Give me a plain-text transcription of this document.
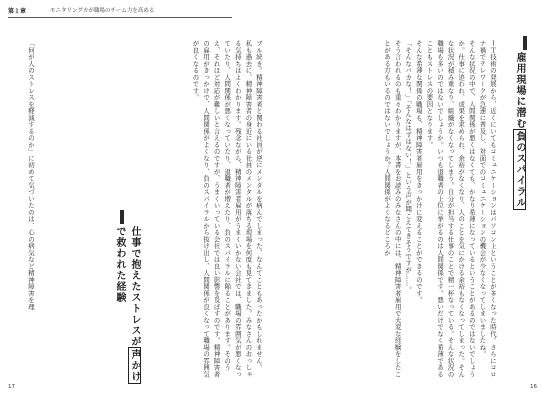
第１章	モニタリングカが職場のチーム力を高める
雇用現場に潜む負のスパイラル

ＩＴ技術の発展から、近くにいてもコミュニケーションはパソコン上ということが多くなった時代。さらにコロナ禍でテレワークが急速に普及し、対面でのコミュニケーションの機会が少なくなってしまいましたね。

そんな状況の中で、人間関係が悪くはなくても、かなり希薄になっているということがあるのではないでしょうか。仕事に追われ、成果を求められ、余裕がなくなり、人のことを気にかける余裕もなくなってしまった。そんな状況が積み重なり、組織がなくなってしまう。自分が担当する仕事のことで精一杯なっている。そんな状況の職場も多いのではないでしょうか。いつも退職者の上位に挙がるのは人間関係です。悪いだけでなく希薄であることもストレスの要因となります。

そんな希薄な関係の職場も、精神障害者雇用をきっかけに変えることができるのです。

「そんなバカな！」「そんなはずはない！」という声が聞こえてきそうですが……。

そう言われるのも重々わかりますが、本書をお読みのみなさんの中には、精神障害者雇用で大変な経験をしたことがある方もいるのではないでしょうか？人間関係がよくなるどころか

16

ブル続き。精神障害者と関わる社員が逆にメンタルを病んでしまった、なんてこともあったかもしれません。

私も過去に、精神障害者の身近にいる社員のメンタルが落ちる現場を何度も見てきました。みなさんのおっしゃる気持ちはよくわかります。残念ながら、精神障害者雇用がうまくいかない会社では、職場の雰囲気が悪くなっていたり、人間関係が悪くなっていたり、退職者が増えたり、負のスパイラルに陥ることがあります。そのうえ、それほど対応が難しいと言えるのですが、うまくいっている会社では良い影響を及ぼすのです。精神障害者の雇用がきっかけで、人間関係がよくなり、負のスパイラルから抜け出し、人間関係が良くなって職場の雰囲気が良くなるのです。

仕事で抱えたストレスが声かけで救われた経験

「何が人のストレスを軽減するのか」に初めて気づいたのは、心の病気など精神障害を理

17
